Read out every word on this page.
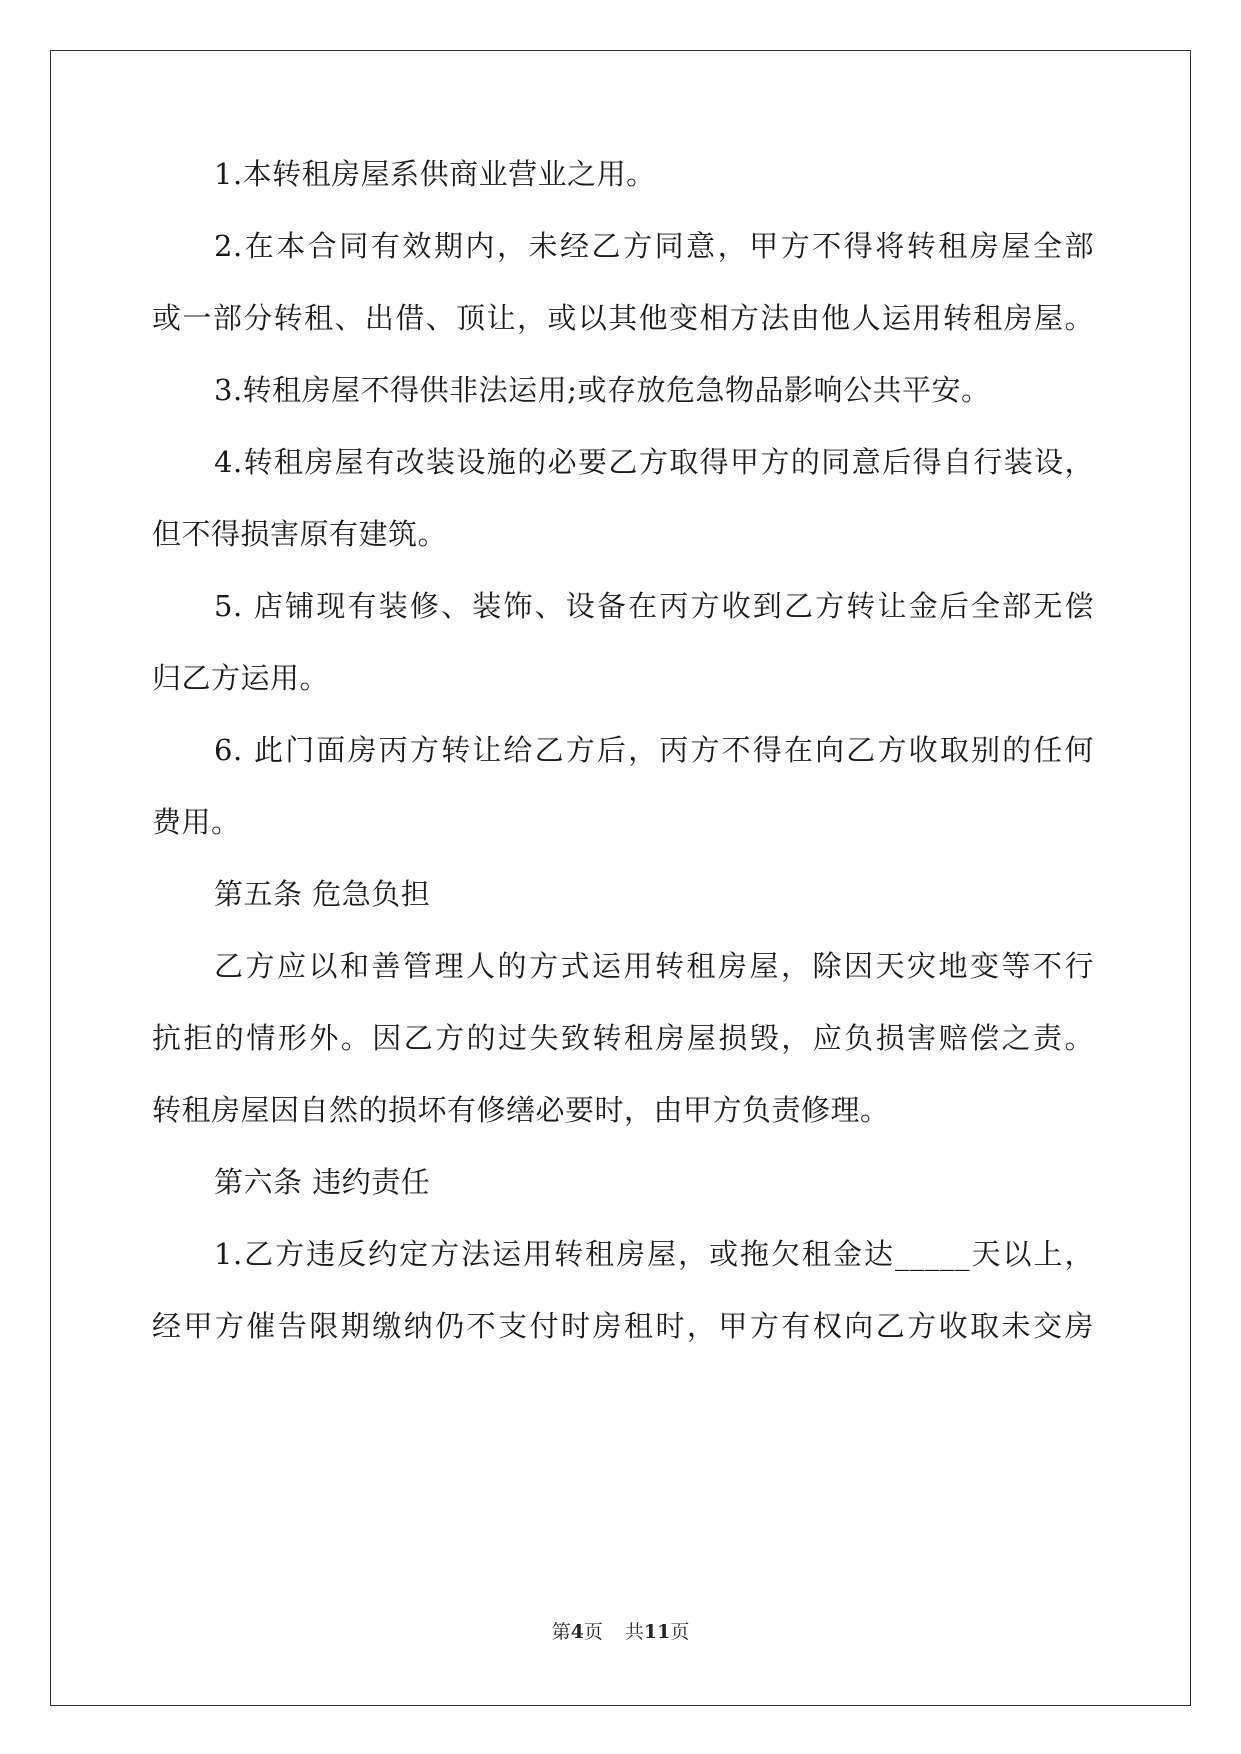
1.本转租房屋系供商业营业之用。
2.在本合同有效期内，未经乙方同意，甲方不得将转租房屋全部
或一部分转租、出借、顶让，或以其他变相方法由他人运用转租房屋。
3.转租房屋不得供非法运用;或存放危急物品影响公共平安。
4.转租房屋有改装设施的必要乙方取得甲方的同意后得自行装设，
但不得损害原有建筑。
5. 店铺现有装修、装饰、设备在丙方收到乙方转让金后全部无偿
归乙方运用。
6. 此门面房丙方转让给乙方后，丙方不得在向乙方收取别的任何
费用。
第五条 危急负担
乙方应以和善管理人的方式运用转租房屋，除因天灾地变等不行
抗拒的情形外。因乙方的过失致转租房屋损毁，应负损害赔偿之责。
转租房屋因自然的损坏有修缮必要时，由甲方负责修理。
第六条 违约责任
1.乙方违反约定方法运用转租房屋，或拖欠租金达_____天以上，
经甲方催告限期缴纳仍不支付时房租时，甲方有权向乙方收取未交房
第4页 共11页
